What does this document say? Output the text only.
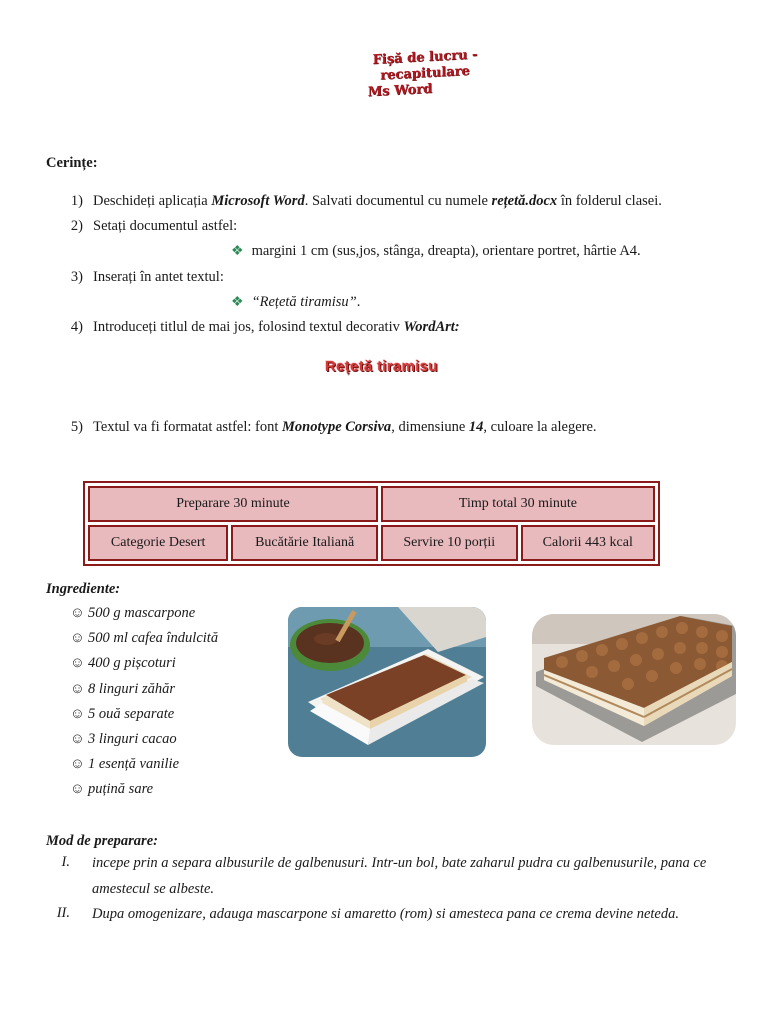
Fișă de lucru - recapitulare

Ms Word
Cerințe:
1) Deschideți aplicația Microsoft Word. Salvati documentul cu numele rețetă.docx în folderul clasei.
2) Setați documentul astfel:
❖ margini 1 cm (sus,jos, stânga, dreapta), orientare portret, hârtie A4.
3) Inserați în antet textul:
❖ “Rețetă tiramisu”.
4) Introduceți titlul de mai jos, folosind textul decorativ WordArt:
5) Textul va fi formatat astfel: font Monotype Corsiva, dimensiune 14, culoare la alegere.
Rețetă tiramisu
Preparare 30 minute		Timp total 30 minute	
Categorie Desert	Bucătărie Italiană	Servire 10 porții	Calorii 443 kcal
Ingrediente:
☺ 500 g mascarpone
☺ 500 ml cafea îndulcită
☺ 400 g pișcoturi
☺ 8 linguri zăhăr
☺ 5 ouă separate
☺ 3 linguri cacao
☺ 1 esență vanilie
☺ puțină sare
Mod de preparare:
I. incepe prin a separa albusurile de galbenusuri. Intr-un bol, bate zaharul pudra cu galbenusurile, pana ce amestecul se albeste.
II. Dupa omogenizare, adauga mascarpone si amaretto (rom) si amesteca pana ce crema devine neteda.
